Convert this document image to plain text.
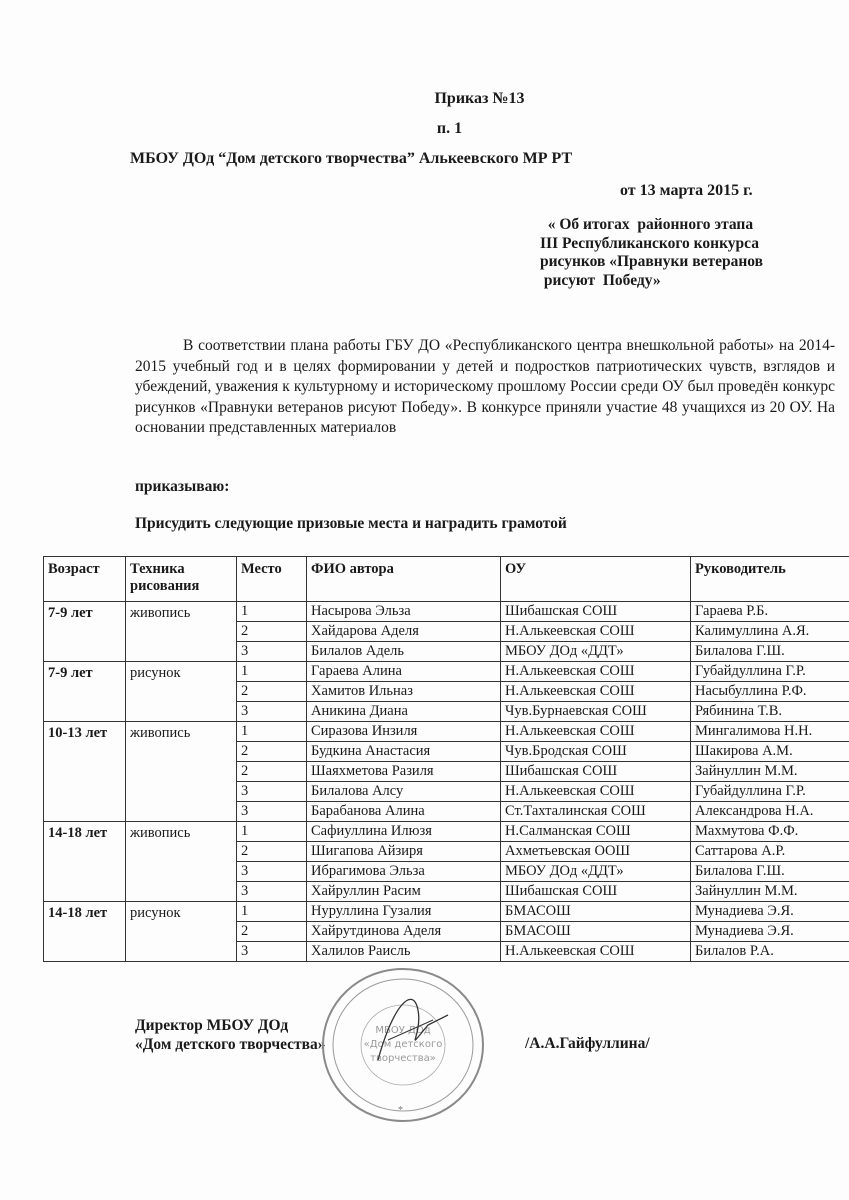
Приказ №13
п. 1
МБОУ ДОд “Дом детского творчества” Алькеевского МР РТ
от 13 марта 2015 г.
« Об итогах  районного этапа
III Республиканского конкурса
рисунков «Правнуки ветеранов
рисуют  Победу»

В соответствии плана работы ГБУ ДО «Республиканского центра внешкольной работы» на 2014-2015 учебный год и в целях формировании у детей и подростков патриотических чувств, взглядов и убеждений, уважения к культурному и историческому прошлому России среди ОУ был проведён конкурс рисунков «Правнуки ветеранов рисуют Победу». В конкурсе приняли участие 48 учащихся из 20 ОУ. На основании представленных материалов

приказываю:
Присудить следующие призовые места и наградить грамотой
Возраст	Техника рисования	Место	ФИО автора	ОУ	Руководитель
7-9 лет	живопись	1	Насырова Эльза	Шибашская СОШ	Гараева Р.Б.
		2	Хайдарова Аделя	Н.Алькеевская СОШ	Калимуллина А.Я.
		3	Билалов Адель	МБОУ ДОд «ДДТ»	Билалова Г.Ш.
7-9 лет	рисунок	1	Гараева Алина	Н.Алькеевская СОШ	Губайдуллина Г.Р.
		2	Хамитов Ильназ	Н.Алькеевская СОШ	Насыбуллина Р.Ф.
		3	Аникина Диана	Чув.Бурнаевская СОШ	Рябинина Т.В.
10-13 лет	живопись	1	Сиразова Инзиля	Н.Алькеевская СОШ	Мингалимова Н.Н.
		2	Будкина Анастасия	Чув.Бродская СОШ	Шакирова А.М.
		2	Шаяхметова Разиля	Шибашская СОШ	Зайнуллин М.М.
		3	Билалова Алсу	Н.Алькеевская СОШ	Губайдуллина Г.Р.
		3	Барабанова Алина	Ст.Тахталинская СОШ	Александрова Н.А.
14-18 лет	живопись	1	Сафиуллина Илюзя	Н.Салманская СОШ	Махмутова Ф.Ф.
		2	Шигапова Айзиря	Ахметьевская ООШ	Саттарова А.Р.
		3	Ибрагимова Эльза	МБОУ ДОд «ДДТ»	Билалова Г.Ш.
		3	Хайруллин Расим	Шибашская СОШ	Зайнуллин М.М.
14-18 лет	рисунок	1	Нуруллина Гузалия	БМАСОШ	Мунадиева Э.Я.
		2	Хайрутдинова Аделя	БМАСОШ	Мунадиева Э.Я.
		3	Халилов Раисль	Н.Алькеевская СОШ	Билалов Р.А.
Директор МБОУ ДОд
«Дом детского творчества»	/А.А.Гайфуллина/
МБОУ ДОд
«Дом детского
творчества»
*
